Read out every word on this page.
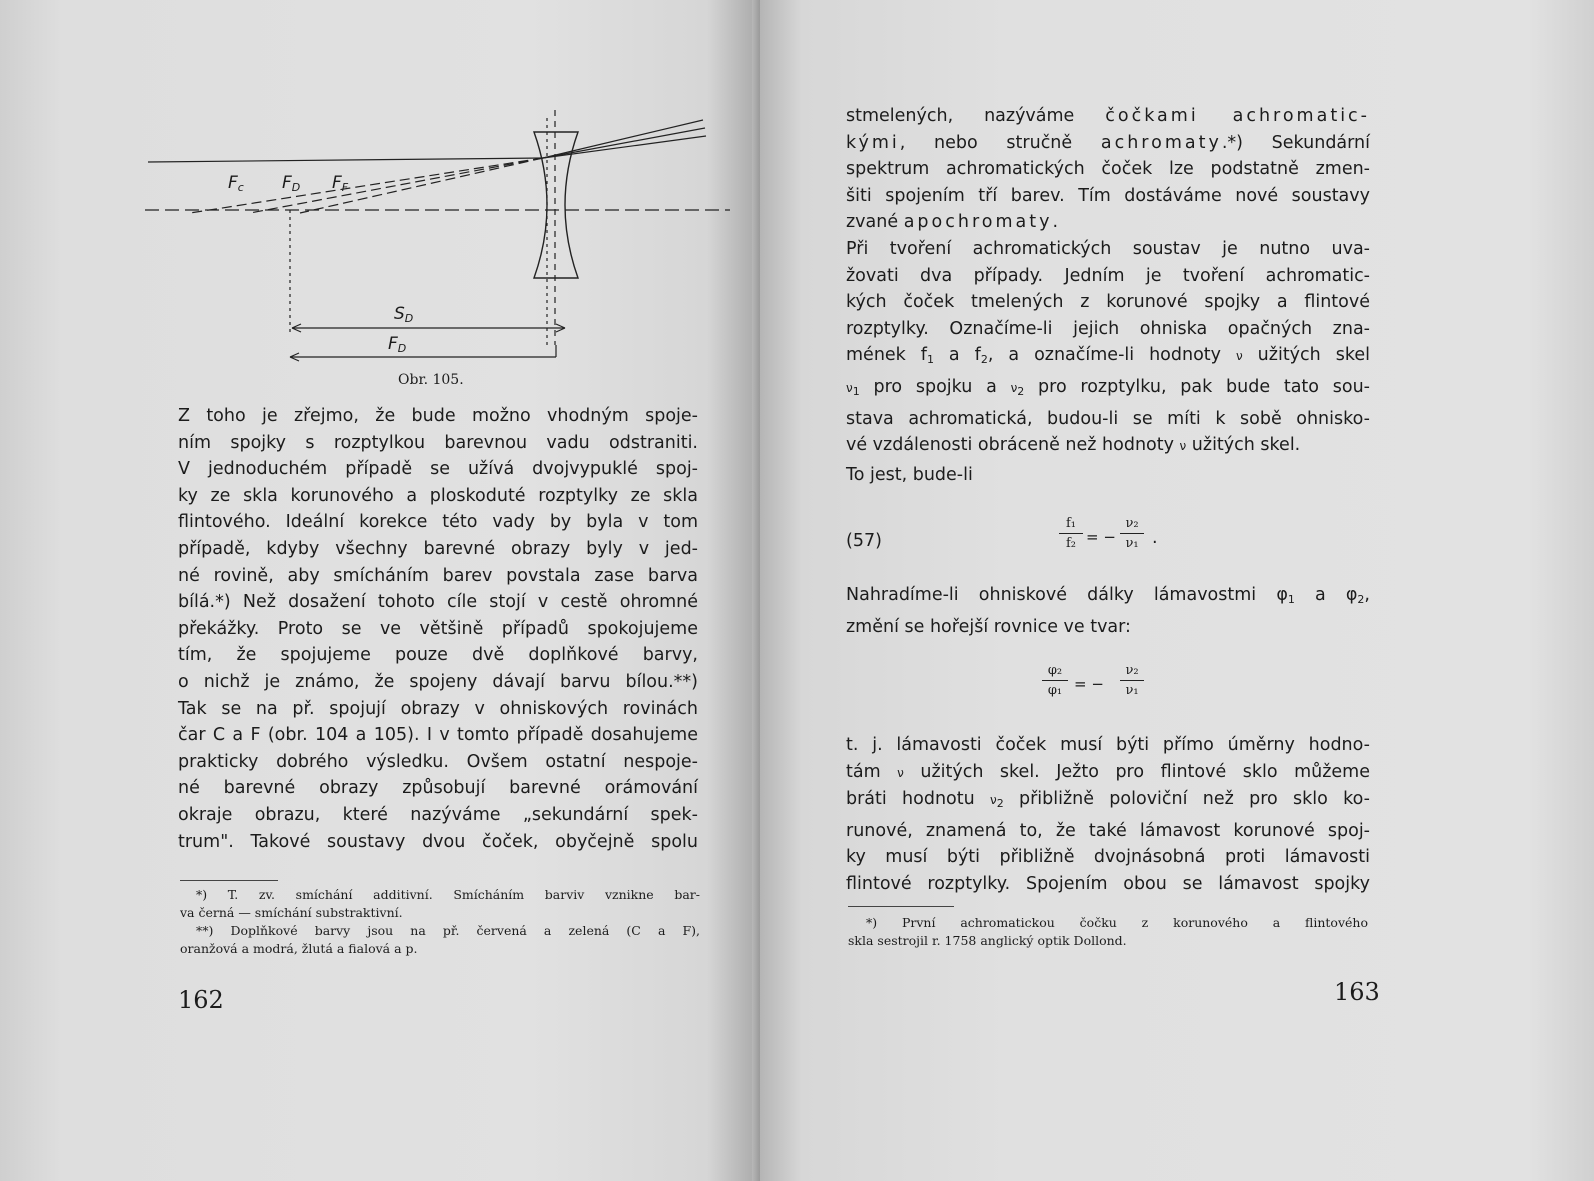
$F_c$ $F_D$ $F_F$
$S_D$
$F_D$
Obr. 105.
Z toho je zřejmo, že bude možno vhodným spoje-
ním spojky s rozptylkou barevnou vadu odstraniti.
V jednoduchém případě se užívá dvojvypuklé spoj-
ky ze skla korunového a ploskoduté rozptylky ze skla
flintového. Ideální korekce této vady by byla v tom
případě, kdyby všechny barevné obrazy byly v jed-
né rovině, aby smícháním barev povstala zase barva
bílá.*) Než dosažení tohoto cíle stojí v cestě ohromné
překážky. Proto se ve většině případů spokojujeme
tím, že spojujeme pouze dvě doplňkové barvy,
o nichž je známo, že spojeny dávají barvu bílou.**)
Tak se na př. spojují obrazy v ohniskových rovinách
čar C a F (obr. 104 a 105). I v tomto případě dosahujeme
prakticky dobrého výsledku. Ovšem ostatní nespoje-
né barevné obrazy způsobují barevné orámování
okraje obrazu, které nazýváme „sekundární spek-
trum". Takové soustavy dvou čoček, obyčejně spolu
*) T. zv. smíchání additivní. Smícháním barviv vznikne bar-
va černá — smíchání substraktivní.
**) Doplňkové barvy jsou na př. červená a zelená (C a F),
oranžová a modrá, žlutá a fialová a p.
162
stmelených, nazýváme čočkami achromatic-
kými, nebo stručně achromaty.*) Sekundární
spektrum achromatických čoček lze podstatně zmen-
šiti spojením tří barev. Tím dostáváme nové soustavy
zvané apochromaty.
Při tvoření achromatických soustav je nutno uva-
žovati dva případy. Jedním je tvoření achromatic-
kých čoček tmelených z korunové spojky a flintové
rozptylky. Označíme-li jejich ohniska opačných zna-
mének $f_1$ a $f_2$, a označíme-li hodnoty ν užitých skel
$\nu_1$ pro spojku a $\nu_2$ pro rozptylku, pak bude tato sou-
stava achromatická, budou-li se míti k sobě ohnisko-
vé vzdálenosti obráceně než hodnoty ν užitých skel.
To jest, bude-li
(57)
f₁
f₂ = −
ν₂
ν₁ .
Nahradíme-li ohniskové dálky lámavostmi $\varphi_1$ a $\varphi_2$,
změní se hořejší rovnice ve tvar:
φ₂
φ₁ = −
ν₂
ν₁
t. j. lámavosti čoček musí býti přímo úměrny hodno-
tám ν užitých skel. Ježto pro flintové sklo můžeme
bráti hodnotu $\nu_2$ přibližně poloviční než pro sklo ko-
runové, znamená to, že také lámavost korunové spoj-
ky musí býti přibližně dvojnásobná proti lámavosti
flintové rozptylky. Spojením obou se lámavost spojky
*) První achromatickou čočku z korunového a flintového
skla sestrojil r. 1758 anglický optik Dollond.
163
